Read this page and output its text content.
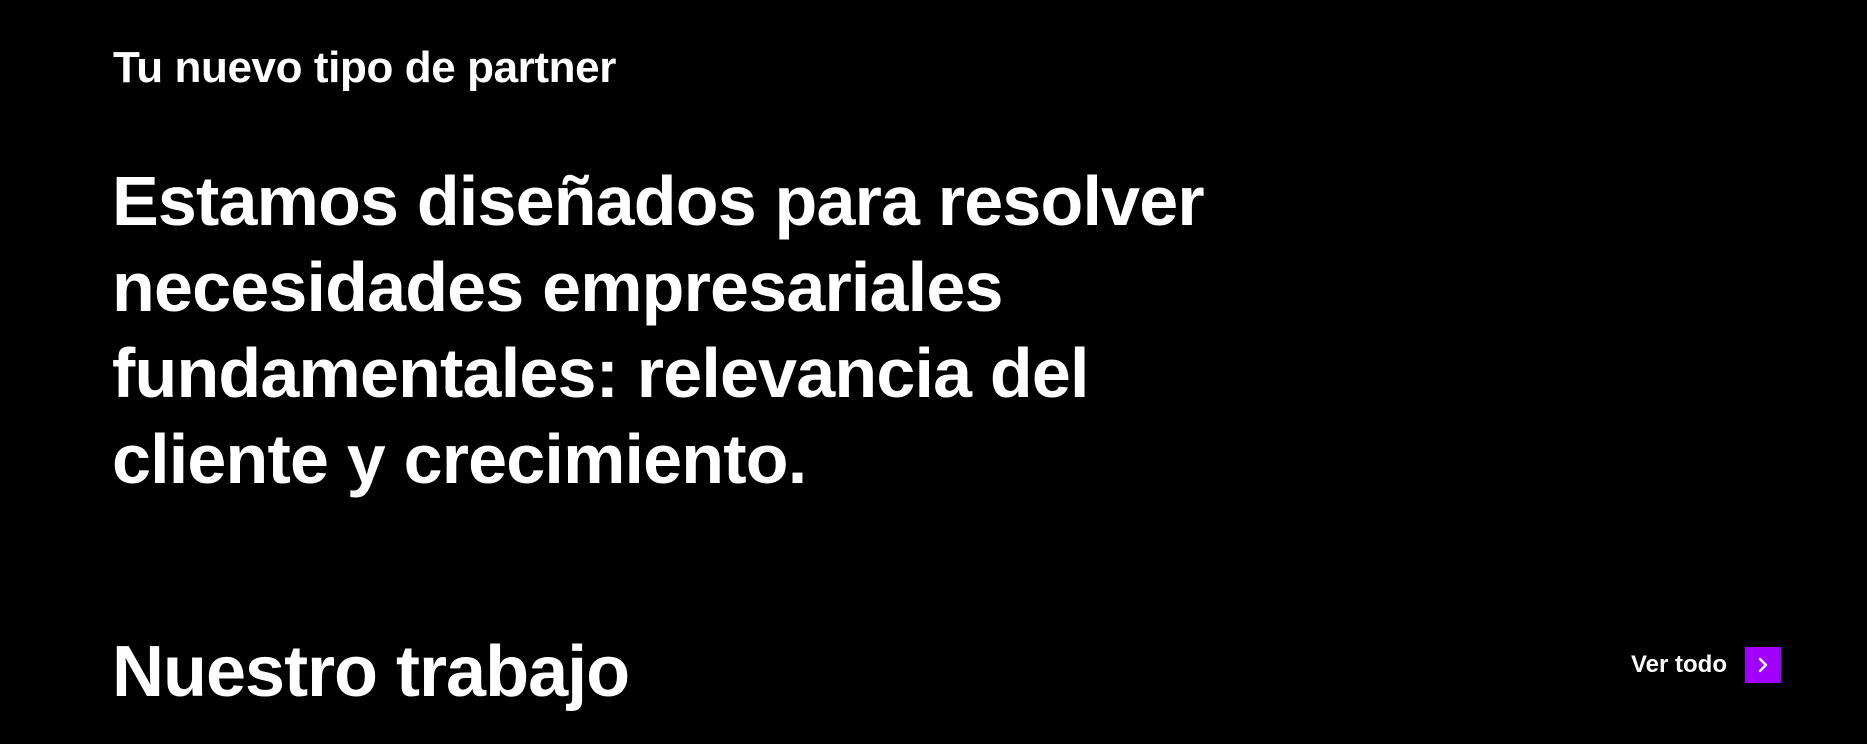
Tu nuevo tipo de partner
Estamos diseñados para resolver necesidades empresariales fundamentales: relevancia del cliente y crecimiento.
Nuestro trabajo	Ver todo
